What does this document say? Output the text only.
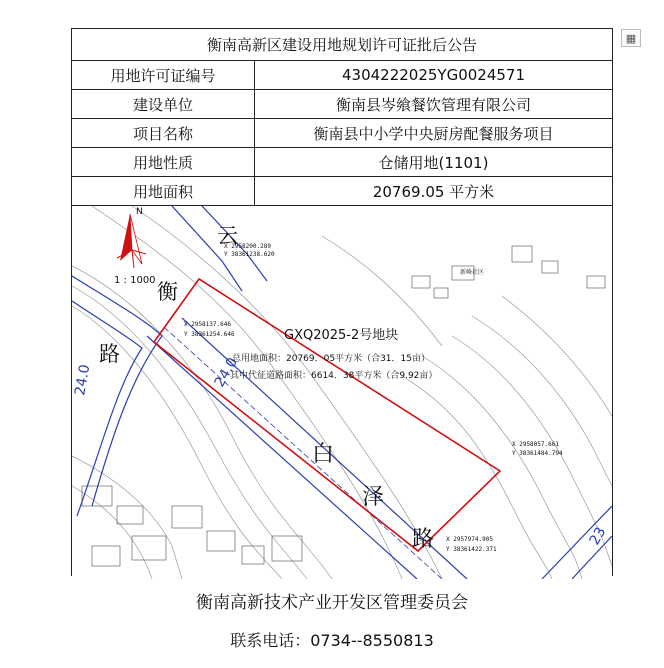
▦
衡南高新区建设用地规划许可证批后公告
用地许可证编号	4304222025YG0024571
建设单位	衡南县岑飨餐饮管理有限公司
项目名称	衡南县中小学中央厨房配餐服务项目
用地性质	仓储用地(1101)
用地面积	20769.05 平方米
N
1 : 1000
云
衡
路
白
泽
路
24.0	24.0
23
GXQ2025-2号地块
总用地面积：20769．05平方米（合31．15亩）
其中代征道路面积：6614．38平方米（合9.92亩）
X 2958200.289
Y 38361238.620
X 2958137.646
Y 38361254.646
X 2958057.661
Y 38361484.794
X 2957974.905
Y 38361422.371
新峰社区
衡南高新技术产业开发区管理委员会
联系电话：0734--8550813
